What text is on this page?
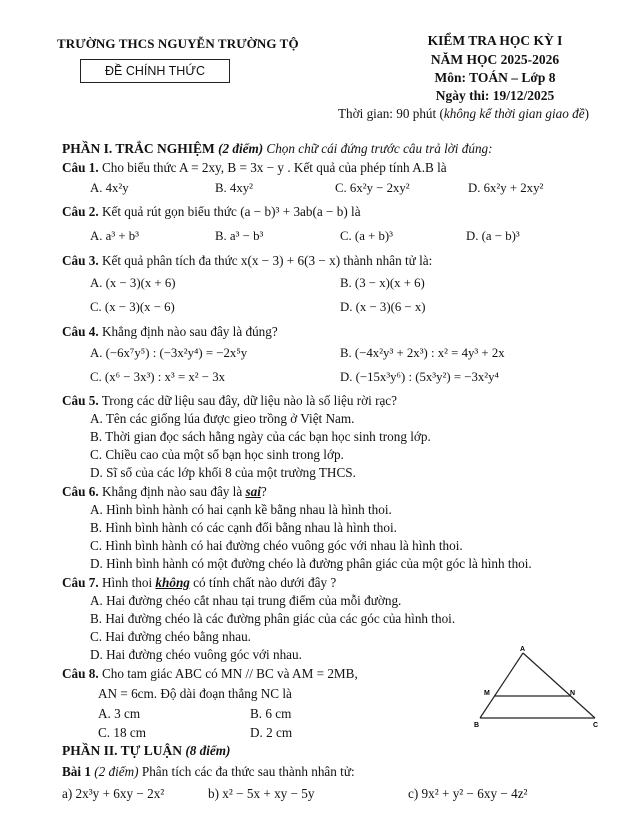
TRƯỜNG THCS NGUYỄN TRƯỜNG TỘ
ĐỀ CHÍNH THỨC
KIỂM TRA HỌC KỲ I
NĂM HỌC 2025-2026
Môn: TOÁN – Lớp 8
Ngày thi: 19/12/2025
Thời gian: 90 phút (không kể thời gian giao đề)
PHẦN I. TRẮC NGHIỆM (2 điểm) Chọn chữ cái đứng trước câu trả lời đúng:
Câu 1. Cho biểu thức A = 2xy, B = 3x − y . Kết quả của phép tính A.B là
A. 4x²y	B. 4xy²	C. 6x²y − 2xy²	D. 6x²y + 2xy²
Câu 2. Kết quả rút gọn biểu thức (a − b)³ + 3ab(a − b) là
A. a³ + b³	B. a³ − b³	C. (a + b)³	D. (a − b)³
Câu 3. Kết quả phân tích đa thức x(x − 3) + 6(3 − x) thành nhân tử là:
A. (x − 3)(x + 6)	B. (3 − x)(x + 6)
C. (x − 3)(x − 6)	D. (x − 3)(6 − x)
Câu 4. Khẳng định nào sau đây là đúng?
A. (−6x⁷y⁵) : (−3x²y⁴) = −2x⁵y	B. (−4x²y³ + 2x³) : x² = 4y³ + 2x
C. (x⁶ − 3x³) : x³ = x² − 3x	D. (−15x³y⁶) : (5x³y²) = −3x²y⁴
Câu 5. Trong các dữ liệu sau đây, dữ liệu nào là số liệu rời rạc?
A. Tên các giống lúa được gieo trồng ở Việt Nam.
B. Thời gian đọc sách hằng ngày của các bạn học sinh trong lớp.
C. Chiều cao của một số bạn học sinh trong lớp.
D. Sĩ số của các lớp khối 8 của một trường THCS.
Câu 6. Khẳng định nào sau đây là sai?
A. Hình bình hành có hai cạnh kề bằng nhau là hình thoi.
B. Hình bình hành có các cạnh đối bằng nhau là hình thoi.
C. Hình bình hành có hai đường chéo vuông góc với nhau là hình thoi.
D. Hình bình hành có một đường chéo là đường phân giác của một góc là hình thoi.
Câu 7. Hình thoi không có tính chất nào dưới đây ?
A. Hai đường chéo cắt nhau tại trung điểm của mỗi đường.
B. Hai đường chéo là các đường phân giác của các góc của hình thoi.
C. Hai đường chéo bằng nhau.
D. Hai đường chéo vuông góc với nhau.
Câu 8. Cho tam giác ABC có MN // BC và AM = 2MB,
AN = 6cm. Độ dài đoạn thẳng NC là
A. 3 cm	B. 6 cm
C. 18 cm	D. 2 cm
A
M	N
B	C
PHẦN II. TỰ LUẬN (8 điểm)
Bài 1 (2 điểm) Phân tích các đa thức sau thành nhân tử:
a) 2x³y + 6xy − 2x²	b) x² − 5x + xy − 5y	c) 9x² + y² − 6xy − 4z²
